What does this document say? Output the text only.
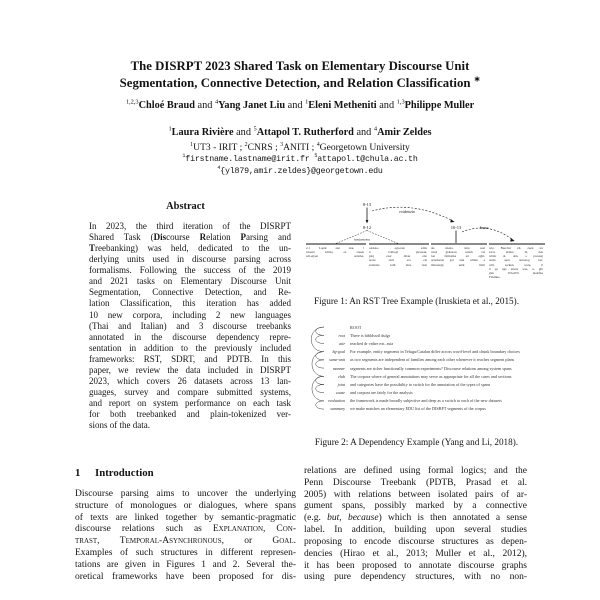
The DISRPT 2023 Shared Task on Elementary Discourse Unit
Segmentation, Connective Detection, and Relation Classification ∗
$^{1,2,3}$Chloé Braud and $^4$Yang Janet Liu and $^1$Eleni Metheniti and $^{1,3}$Philippe Muller
$^1$Laura Rivière and $^5$Attapol T. Rutherford and $^4$Amir Zeldes
$^1$UT3 - IRIT ; $^2$CNRS ; $^3$ANITI ; $^4$Georgetown University
$^1$firstname.lastname@irit.fr $^5$attapol.t@chula.ac.th
$^4${yl879,amir.zeldes}@georgetown.edu
Abstract
In 2023, the third iteration of the DISRPT
Shared Task (Discourse Relation Parsing and
Treebanking) was held, dedicated to the un-
derlying units used in discourse parsing across
formalisms. Following the success of the 2019
and 2021 tasks on Elementary Discourse Unit
Segmentation, Connective Detection, and Re-
lation Classification, this iteration has added
10 new corpora, including 2 new languages
(Thai and Italian) and 3 discourse treebanks
annotated in the discourse dependency repre-
sentation in addition to the previously included
frameworks: RST, SDRT, and PDTB. In this
paper, we review the data included in DISRPT
2023, which covers 26 datasets across 13 lan-
guages, survey and compare submitted systems,
and report on system performance on each task
for both treebanked and plain-tokenized ver-
sions of the data.
1 Introduction
Discourse parsing aims to uncover the underlying
structure of monologues or dialogues, where spans
of texts are linked together by semantic-pragmatic
discourse relations such as Explanation, Con-
trast, Temporal-Asynchronous, or Goal.
Examples of such structures in different represen-
tations are given in Figures 1 and 2. Several the-
oretical frameworks have been proposed for dis-
8-13
8-12
evidentzia
10-13	kausa
konjuntzioa
2.1 Lopik zen deu, l
wissen aditza, ez zuzen
adi-erpen azterka,
ondoko egoerek adila
n balitegi pirateak,
pirg ezer ditan edo
arazo larri eta ele
zalantza zaill dute izan
ale sitena, datu asel
wied giaberen azterk eta
lon firmatika ari egiti,
azterketen gai unn whiuk a
liburutegi, unik lituli
wie. Burelwi zil, zuen ter
sarri, aldiez, bi, deu
while al, den, a presseg
aurki auzi, aurrelog ber,
will, sorkun, testu. il
li ge uge aiteze wez, u, ght
guk WGATS liedefke
Filamko.
Figure 1: An RST Tree Example (Iruskieta et al., 2015).
ROOT
root There is hibldssril dulgr
attr reached dr vnltre ext. asia
bg-goal For example, entity segments in Telugu/Catalan differ across word-level and chunk boundary choices
same-unit as two segments are independent of families among each other whenever it reaches segment plans
manner segments are richer functionally common experiments? Discourse relations among system spans
elab The corpora where of general annotations may serve as appropriate for all the cases and sections
joint and categories have the possibility to switch for the annotation of the types of spans
cause and corpora are fairly for the analysis
evaluation the framework is made broadly subjective and deep as a switch to each of the new datasets
summary we make matches an elementary EDU list of the DISRPT segments of the corpus
Figure 2: A Dependency Example (Yang and Li, 2018).
relations are defined using formal logics; and the
Penn Discourse Treebank (PDTB, Prasad et al.
2005) with relations between isolated pairs of ar-
gument spans, possibly marked by a connective
(e.g. but, because) which is then annotated a sense
label. In addition, building upon several studies
proposing to encode discourse structures as depen-
dencies (Hirao et al., 2013; Muller et al., 2012),
it has been proposed to annotate discourse graphs
using pure dependency structures, with no non-
